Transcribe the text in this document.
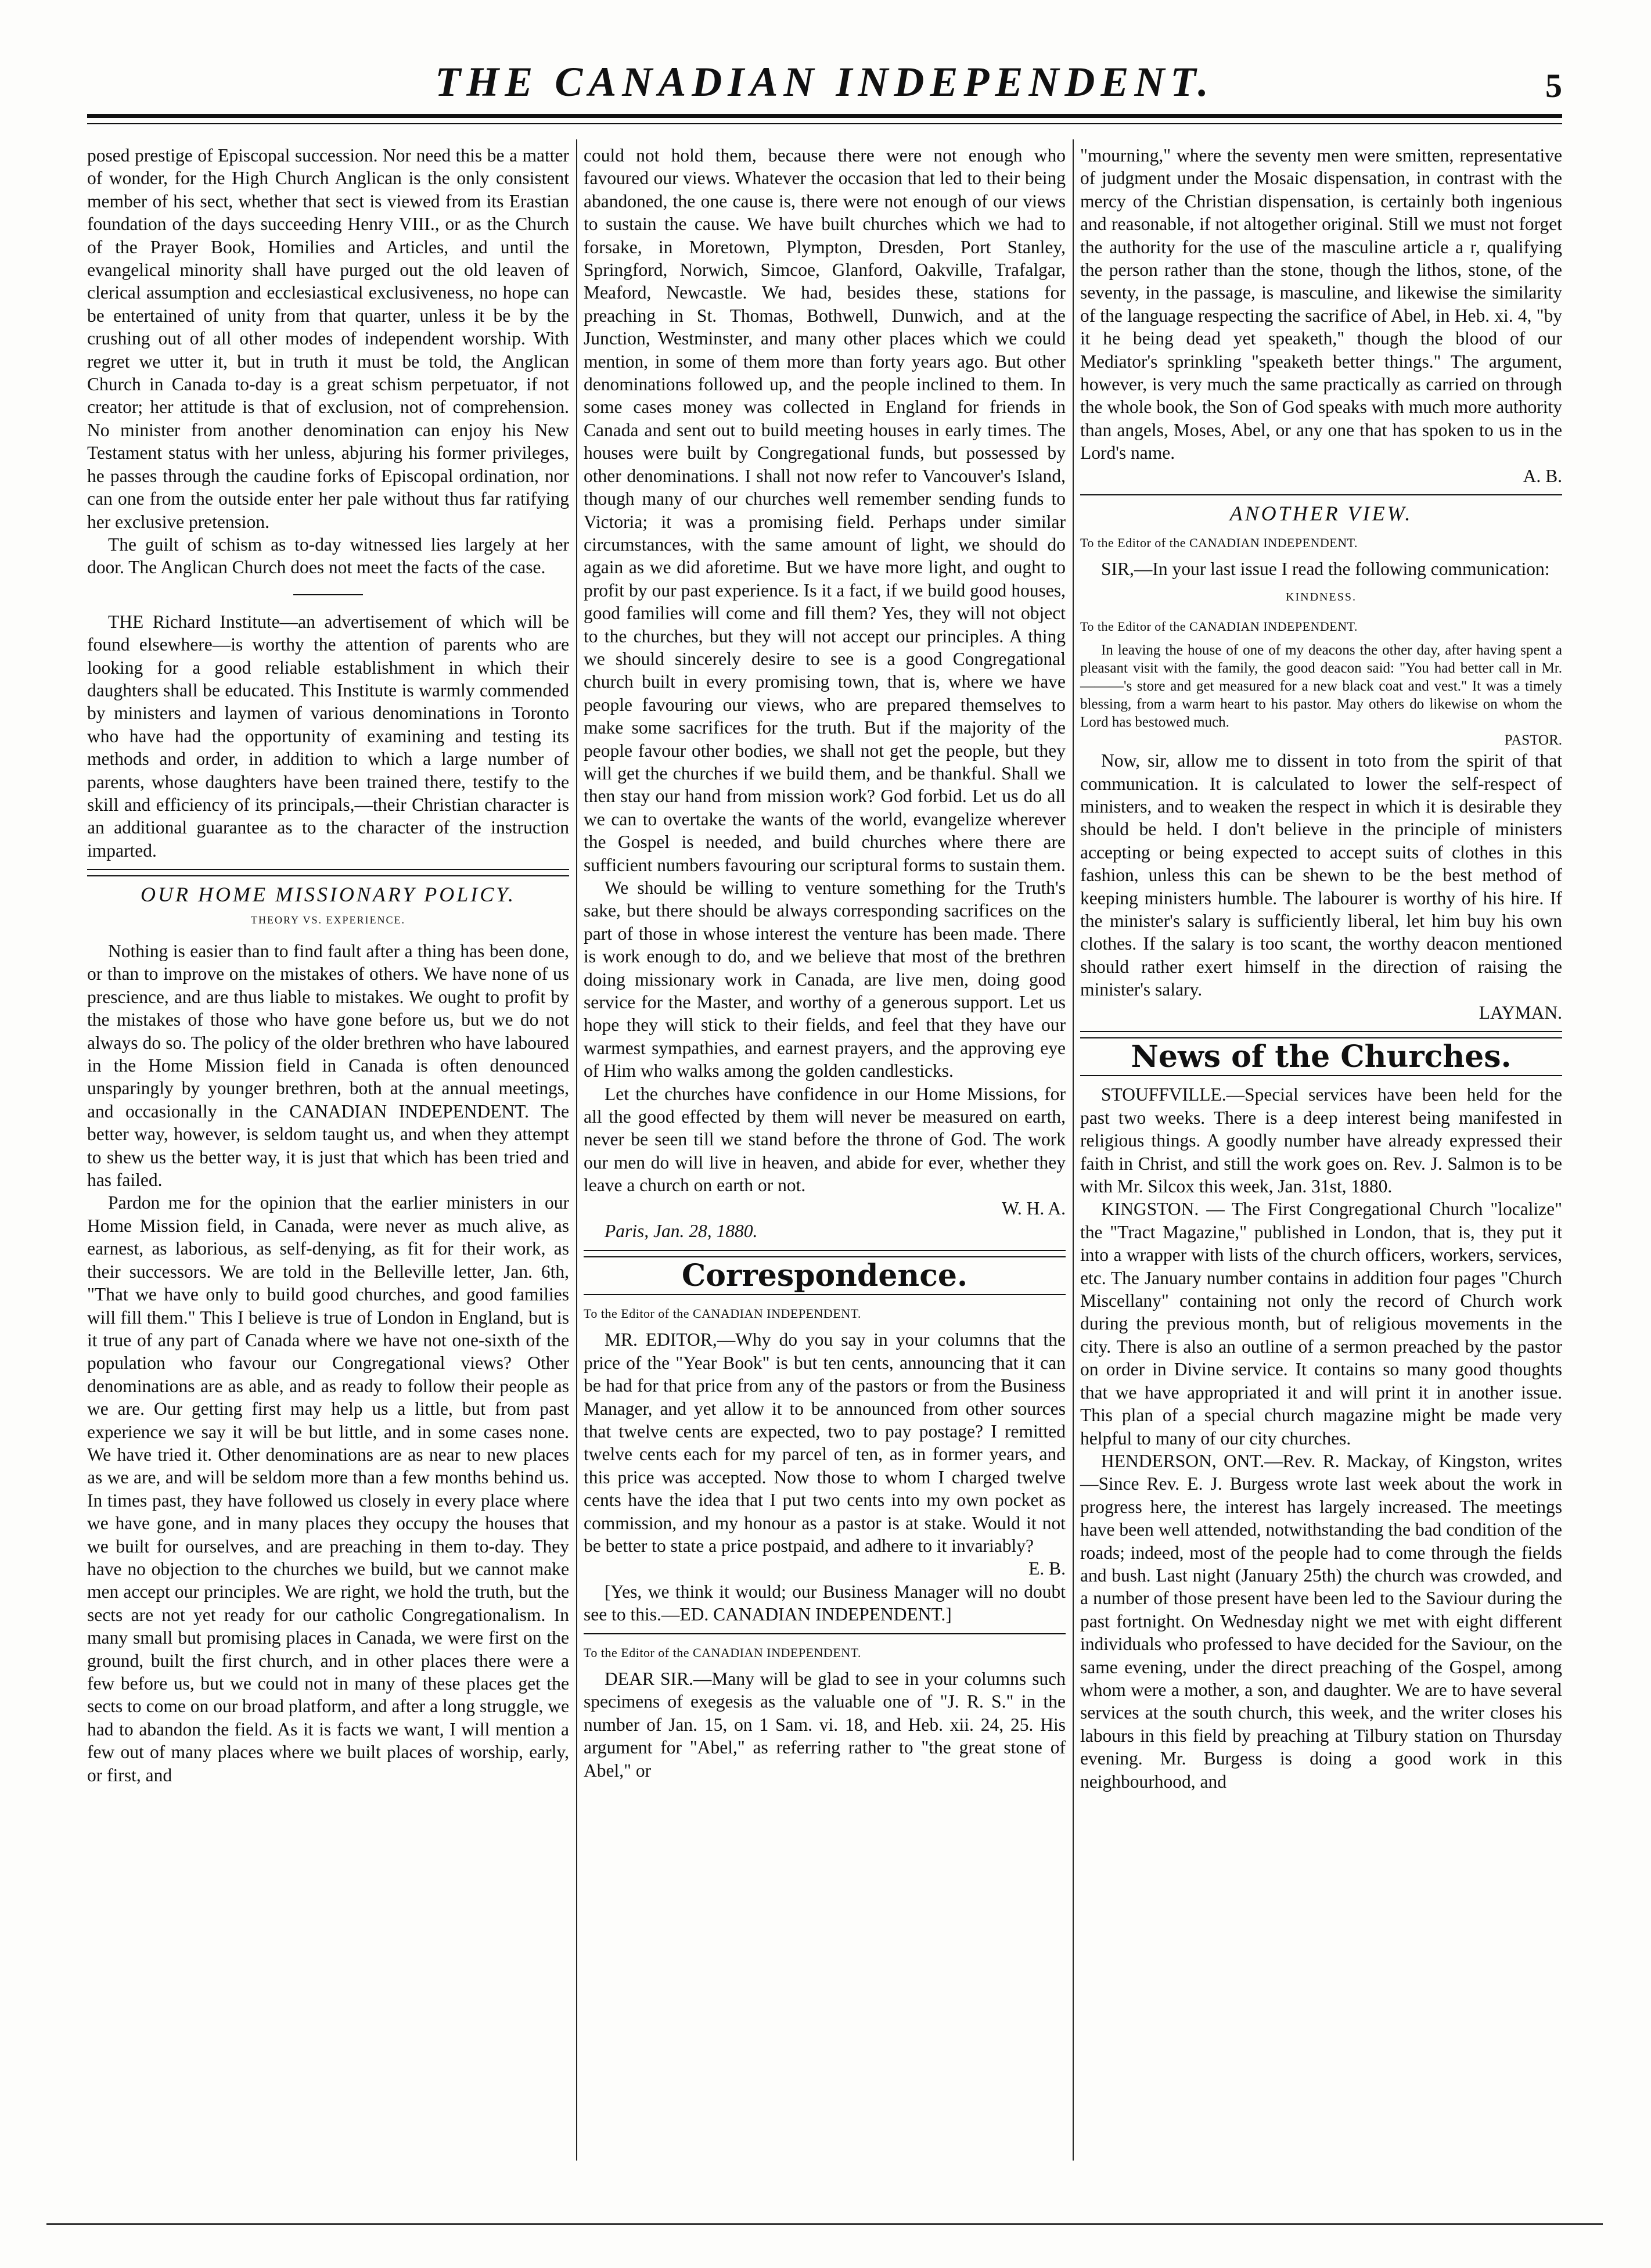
THE CANADIAN INDEPENDENT.	5

posed prestige of Episcopal succession. Nor need this be a matter of wonder, for the High Church Anglican is the only consistent member of his sect, whether that sect is viewed from its Erastian foundation of the days succeeding Henry VIII., or as the Church of the Prayer Book, Homilies and Articles, and until the evangelical minority shall have purged out the old leaven of clerical assumption and ecclesiastical exclusiveness, no hope can be entertained of unity from that quarter, unless it be by the crushing out of all other modes of independent worship. With regret we utter it, but in truth it must be told, the Anglican Church in Canada to-day is a great schism perpetuator, if not creator; her attitude is that of exclusion, not of comprehension. No minister from another denomination can enjoy his New Testament status with her unless, abjuring his former privileges, he passes through the caudine forks of Episcopal ordination, nor can one from the outside enter her pale without thus far ratifying her exclusive pretension.

The guilt of schism as to-day witnessed lies largely at her door. The Anglican Church does not meet the facts of the case.

THE Richard Institute—an advertisement of which will be found elsewhere—is worthy the attention of parents who are looking for a good reliable establishment in which their daughters shall be educated. This Institute is warmly commended by ministers and laymen of various denominations in Toronto who have had the opportunity of examining and testing its methods and order, in addition to which a large number of parents, whose daughters have been trained there, testify to the skill and efficiency of its principals,—their Christian character is an additional guarantee as to the character of the instruction imparted.

OUR HOME MISSIONARY POLICY.
THEORY VS. EXPERIENCE.

Nothing is easier than to find fault after a thing has been done, or than to improve on the mistakes of others. We have none of us prescience, and are thus liable to mistakes. We ought to profit by the mistakes of those who have gone before us, but we do not always do so. The policy of the older brethren who have laboured in the Home Mission field in Canada is often denounced unsparingly by younger brethren, both at the annual meetings, and occasionally in the CANADIAN INDEPENDENT. The better way, however, is seldom taught us, and when they attempt to shew us the better way, it is just that which has been tried and has failed.

Pardon me for the opinion that the earlier ministers in our Home Mission field, in Canada, were never as much alive, as earnest, as laborious, as self-denying, as fit for their work, as their successors. We are told in the Belleville letter, Jan. 6th, "That we have only to build good churches, and good families will fill them." This I believe is true of London in England, but is it true of any part of Canada where we have not one-sixth of the population who favour our Congregational views? Other denominations are as able, and as ready to follow their people as we are. Our getting first may help us a little, but from past experience we say it will be but little, and in some cases none. We have tried it. Other denominations are as near to new places as we are, and will be seldom more than a few months behind us. In times past, they have followed us closely in every place where we have gone, and in many places they occupy the houses that we built for ourselves, and are preaching in them to-day. They have no objection to the churches we build, but we cannot make men accept our principles. We are right, we hold the truth, but the sects are not yet ready for our catholic Congregationalism. In many small but promising places in Canada, we were first on the ground, built the first church, and in other places there were a few before us, but we could not in many of these places get the sects to come on our broad platform, and after a long struggle, we had to abandon the field. As it is facts we want, I will mention a few out of many places where we built places of worship, early, or first, and

could not hold them, because there were not enough who favoured our views. Whatever the occasion that led to their being abandoned, the one cause is, there were not enough of our views to sustain the cause. We have built churches which we had to forsake, in Moretown, Plympton, Dresden, Port Stanley, Springford, Norwich, Simcoe, Glanford, Oakville, Trafalgar, Meaford, Newcastle. We had, besides these, stations for preaching in St. Thomas, Bothwell, Dunwich, and at the Junction, Westminster, and many other places which we could mention, in some of them more than forty years ago. But other denominations followed up, and the people inclined to them. In some cases money was collected in England for friends in Canada and sent out to build meeting houses in early times. The houses were built by Congregational funds, but possessed by other denominations. I shall not now refer to Vancouver's Island, though many of our churches well remember sending funds to Victoria; it was a promising field. Perhaps under similar circumstances, with the same amount of light, we should do again as we did aforetime. But we have more light, and ought to profit by our past experience. Is it a fact, if we build good houses, good families will come and fill them? Yes, they will not object to the churches, but they will not accept our principles. A thing we should sincerely desire to see is a good Congregational church built in every promising town, that is, where we have people favouring our views, who are prepared themselves to make some sacrifices for the truth. But if the majority of the people favour other bodies, we shall not get the people, but they will get the churches if we build them, and be thankful. Shall we then stay our hand from mission work? God forbid. Let us do all we can to overtake the wants of the world, evangelize wherever the Gospel is needed, and build churches where there are sufficient numbers favouring our scriptural forms to sustain them.

We should be willing to venture something for the Truth's sake, but there should be always corresponding sacrifices on the part of those in whose interest the venture has been made. There is work enough to do, and we believe that most of the brethren doing missionary work in Canada, are live men, doing good service for the Master, and worthy of a generous support. Let us hope they will stick to their fields, and feel that they have our warmest sympathies, and earnest prayers, and the approving eye of Him who walks among the golden candlesticks.

Let the churches have confidence in our Home Missions, for all the good effected by them will never be measured on earth, never be seen till we stand before the throne of God. The work our men do will live in heaven, and abide for ever, whether they leave a church on earth or not.

W. H. A.

Paris, Jan. 28, 1880.

Correspondence.
To the Editor of the CANADIAN INDEPENDENT.

MR. EDITOR,—Why do you say in your columns that the price of the "Year Book" is but ten cents, announcing that it can be had for that price from any of the pastors or from the Business Manager, and yet allow it to be announced from other sources that twelve cents are expected, two to pay postage? I remitted twelve cents each for my parcel of ten, as in former years, and this price was accepted. Now those to whom I charged twelve cents have the idea that I put two cents into my own pocket as commission, and my honour as a pastor is at stake. Would it not be better to state a price postpaid, and adhere to it invariably?

E. B.

[Yes, we think it would; our Business Manager will no doubt see to this.—ED. CANADIAN INDEPENDENT.]

To the Editor of the CANADIAN INDEPENDENT.

DEAR SIR.—Many will be glad to see in your columns such specimens of exegesis as the valuable one of "J. R. S." in the number of Jan. 15, on 1 Sam. vi. 18, and Heb. xii. 24, 25. His argument for "Abel," as referring rather to "the great stone of Abel," or

"mourning," where the seventy men were smitten, representative of judgment under the Mosaic dispensation, in contrast with the mercy of the Christian dispensation, is certainly both ingenious and reasonable, if not altogether original. Still we must not forget the authority for the use of the masculine article a r, qualifying the person rather than the stone, though the lithos, stone, of the seventy, in the passage, is masculine, and likewise the similarity of the language respecting the sacrifice of Abel, in Heb. xi. 4, "by it he being dead yet speaketh," though the blood of our Mediator's sprinkling "speaketh better things." The argument, however, is very much the same practically as carried on through the whole book, the Son of God speaks with much more authority than angels, Moses, Abel, or any one that has spoken to us in the Lord's name.

A. B.

ANOTHER VIEW.
To the Editor of the CANADIAN INDEPENDENT.

SIR,—In your last issue I read the following communication:

KINDNESS.
To the Editor of the CANADIAN INDEPENDENT.

In leaving the house of one of my deacons the other day, after having spent a pleasant visit with the family, the good deacon said: "You had better call in Mr. ———'s store and get measured for a new black coat and vest." It was a timely blessing, from a warm heart to his pastor. May others do likewise on whom the Lord has bestowed much.

PASTOR.

Now, sir, allow me to dissent in toto from the spirit of that communication. It is calculated to lower the self-respect of ministers, and to weaken the respect in which it is desirable they should be held. I don't believe in the principle of ministers accepting or being expected to accept suits of clothes in this fashion, unless this can be shewn to be the best method of keeping ministers humble. The labourer is worthy of his hire. If the minister's salary is sufficiently liberal, let him buy his own clothes. If the salary is too scant, the worthy deacon mentioned should rather exert himself in the direction of raising the minister's salary.

LAYMAN.

News of the Churches.

STOUFFVILLE.—Special services have been held for the past two weeks. There is a deep interest being manifested in religious things. A goodly number have already expressed their faith in Christ, and still the work goes on. Rev. J. Salmon is to be with Mr. Silcox this week, Jan. 31st, 1880.

KINGSTON. — The First Congregational Church "localize" the "Tract Magazine," published in London, that is, they put it into a wrapper with lists of the church officers, workers, services, etc. The January number contains in addition four pages "Church Miscellany" containing not only the record of Church work during the previous month, but of religious movements in the city. There is also an outline of a sermon preached by the pastor on order in Divine service. It contains so many good thoughts that we have appropriated it and will print it in another issue. This plan of a special church magazine might be made very helpful to many of our city churches.

HENDERSON, ONT.—Rev. R. Mackay, of Kingston, writes—Since Rev. E. J. Burgess wrote last week about the work in progress here, the interest has largely increased. The meetings have been well attended, notwithstanding the bad condition of the roads; indeed, most of the people had to come through the fields and bush. Last night (January 25th) the church was crowded, and a number of those present have been led to the Saviour during the past fortnight. On Wednesday night we met with eight different individuals who professed to have decided for the Saviour, on the same evening, under the direct preaching of the Gospel, among whom were a mother, a son, and daughter. We are to have several services at the south church, this week, and the writer closes his labours in this field by preaching at Tilbury station on Thursday evening. Mr. Burgess is doing a good work in this neighbourhood, and
